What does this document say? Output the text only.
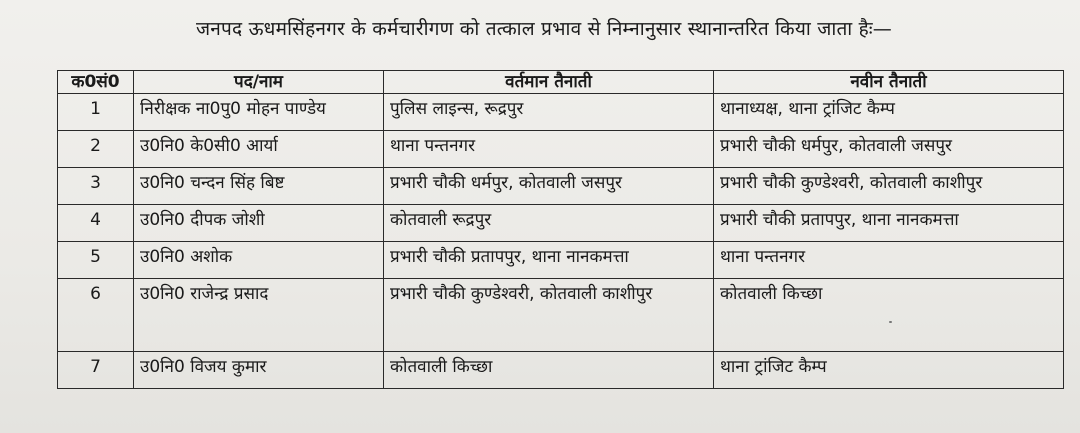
जनपद ऊधमसिंहनगर के कर्मचारीगण को तत्काल प्रभाव से निम्नानुसार स्थानान्तरित किया जाता हैः—
क0सं0	पद/नाम	वर्तमान तैनाती	नवीन तैनाती
1	निरीक्षक ना0पु0 मोहन पाण्डेय	पुलिस लाइन्स, रूद्रपुर	थानाध्यक्ष, थाना ट्रांजिट कैम्प
2	उ0नि0 के0सी0 आर्या	थाना पन्तनगर	प्रभारी चौकी धर्मपुर, कोतवाली जसपुर
3	उ0नि0 चन्दन सिंह बिष्ट	प्रभारी चौकी धर्मपुर, कोतवाली जसपुर	प्रभारी चौकी कुण्डेश्वरी, कोतवाली काशीपुर
4	उ0नि0 दीपक जोशी	कोतवाली रूद्रपुर	प्रभारी चौकी प्रतापपुर, थाना नानकमत्ता
5	उ0नि0 अशोक	प्रभारी चौकी प्रतापपुर, थाना नानकमत्ता	थाना पन्तनगर
6	उ0नि0 राजेन्द्र प्रसाद	प्रभारी चौकी कुण्डेश्वरी, कोतवाली काशीपुर	कोतवाली किच्छा
7	उ0नि0 विजय कुमार	कोतवाली किच्छा	थाना ट्रांजिट कैम्प
